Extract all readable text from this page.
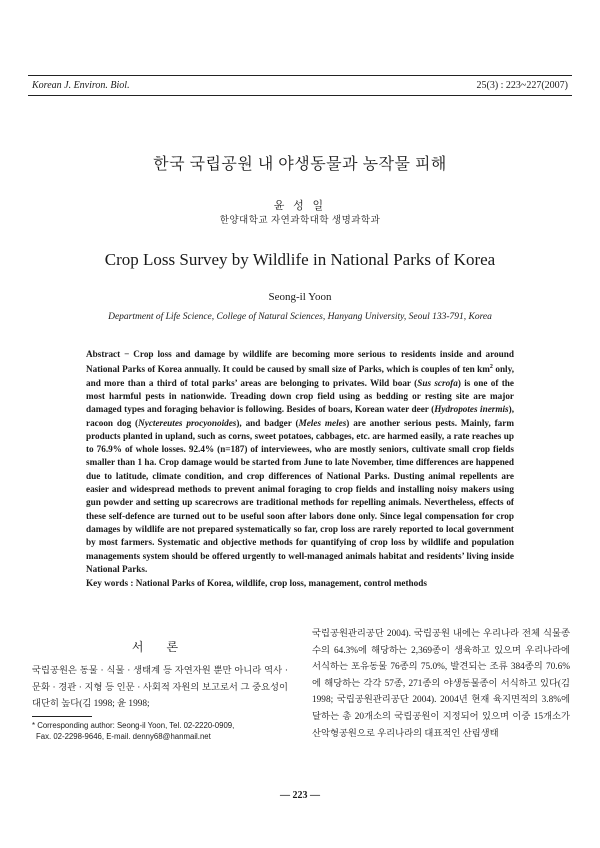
Korean J. Environ. Biol.	25(3) : 223~227(2007)
한국 국립공원 내 야생동물과 농작물 피해
윤 성 일
한양대학교 자연과학대학 생명과학과
Crop Loss Survey by Wildlife in National Parks of Korea
Seong-il Yoon
Department of Life Science, College of Natural Sciences, Hanyang University, Seoul 133-791, Korea
Abstract − Crop loss and damage by wildlife are becoming more serious to residents inside and around National Parks of Korea annually. It could be caused by small size of Parks, which is couples of ten $km^2$ only, and more than a third of total parks’ areas are belonging to privates. Wild boar (Sus scrofa) is one of the most harmful pests in nationwide. Treading down crop field using as bedding or resting site are major damaged types and foraging behavior is following. Besides of boars, Korean water deer (Hydropotes inermis), racoon dog (Nyctereutes procyonoides), and badger (Meles meles) are another serious pests. Mainly, farm products planted in upland, such as corns, sweet potatoes, cabbages, etc. are harmed easily, a rate reaches up to 76.9% of whole losses. 92.4% (n=187) of interviewees, who are mostly seniors, cultivate small crop fields smaller than 1 ha. Crop damage would be started from June to late November, time differences are happened due to latitude, climate condition, and crop differences of National Parks. Dusting animal repellents are easier and widespread methods to prevent animal foraging to crop fields and installing noisy makers using gun powder and setting up scarecrows are traditional methods for repelling animals. Nevertheless, effects of these self-defence are turned out to be useful soon after labors done only. Since legal compensation for crop damages by wildlife are not prepared systematically so far, crop loss are rarely reported to local government by most farmers. Systematic and objective methods for quantifying of crop loss by wildlife and population managements system should be offered urgently to well-managed animals habitat and residents’ living inside National Parks.
Key words : National Parks of Korea, wildlife, crop loss, management, control methods
서 론
국립공원은 동물 · 식물 · 생태계 등 자연자원 뿐만 아니라 역사 · 문화 · 경관 · 지형 등 인문 · 사회적 자원의 보고로서 그 중요성이 대단히 높다(김 1998; 윤 1998;
* Corresponding author: Seong-il Yoon, Tel. 02-2220-0909,
Fax. 02-2298-9646, E-mail. denny68@hanmail.net
국립공원관리공단 2004). 국립공원 내에는 우리나라 전체 식물종수의 64.3%에 해당하는 2,369종이 생육하고 있으며 우리나라에 서식하는 포유동물 76종의 75.0%, 발견되는 조류 384종의 70.6%에 해당하는 각각 57종, 271종의 야생동물종이 서식하고 있다(김 1998; 국립공원관리공단 2004). 2004년 현재 육지면적의 3.8%에 달하는 총 20개소의 국립공원이 지정되어 있으며 이중 15개소가 산악형공원으로 우리나라의 대표적인 산림생태
— 223 —
